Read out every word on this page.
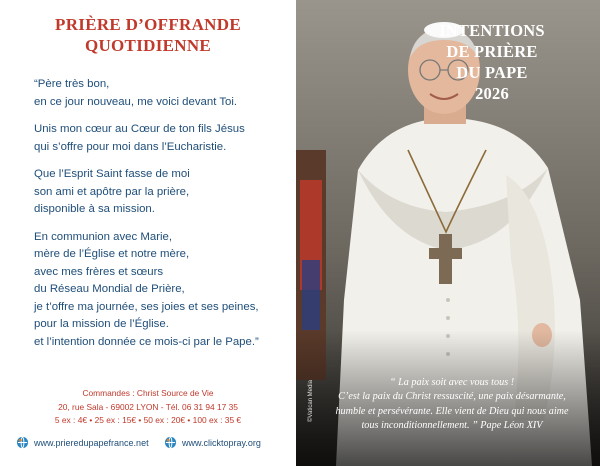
PRIÈRE D’OFFRANDE
QUOTIDIENNE

“Père très bon,
en ce jour nouveau, me voici devant Toi.

Unis mon cœur au Cœur de ton fils Jésus
qui s’offre pour moi dans l’Eucharistie.

Que l’Esprit Saint fasse de moi
son ami et apôtre par la prière,
disponible à sa mission.

En communion avec Marie,
mère de l’Église et notre mère,
avec mes frères et sœurs
du Réseau Mondial de Prière,
je t’offre ma journée, ses joies et ses peines,
pour la mission de l’Église.
et l’intention donnée ce mois-ci par le Pape.”

Commandes : Christ Source de Vie
20, rue Sala - 69002 LYON - Tél. 06 31 94 17 35
5 ex : 4€ • 25 ex : 15€ • 50 ex : 20€ • 100 ex : 35 €
www.prieredupapefrance.net	www.clicktopray.org
INTENTIONS
DE PRIÈRE
DU PAPE
2026
“ La paix soit avec vous tous !
C’est la paix du Christ ressuscité, une paix désarmante,
humble et persévérante. Elle vient de Dieu qui nous aime
tous inconditionnellement. ” Pape Léon XIV
©Vatican Media
